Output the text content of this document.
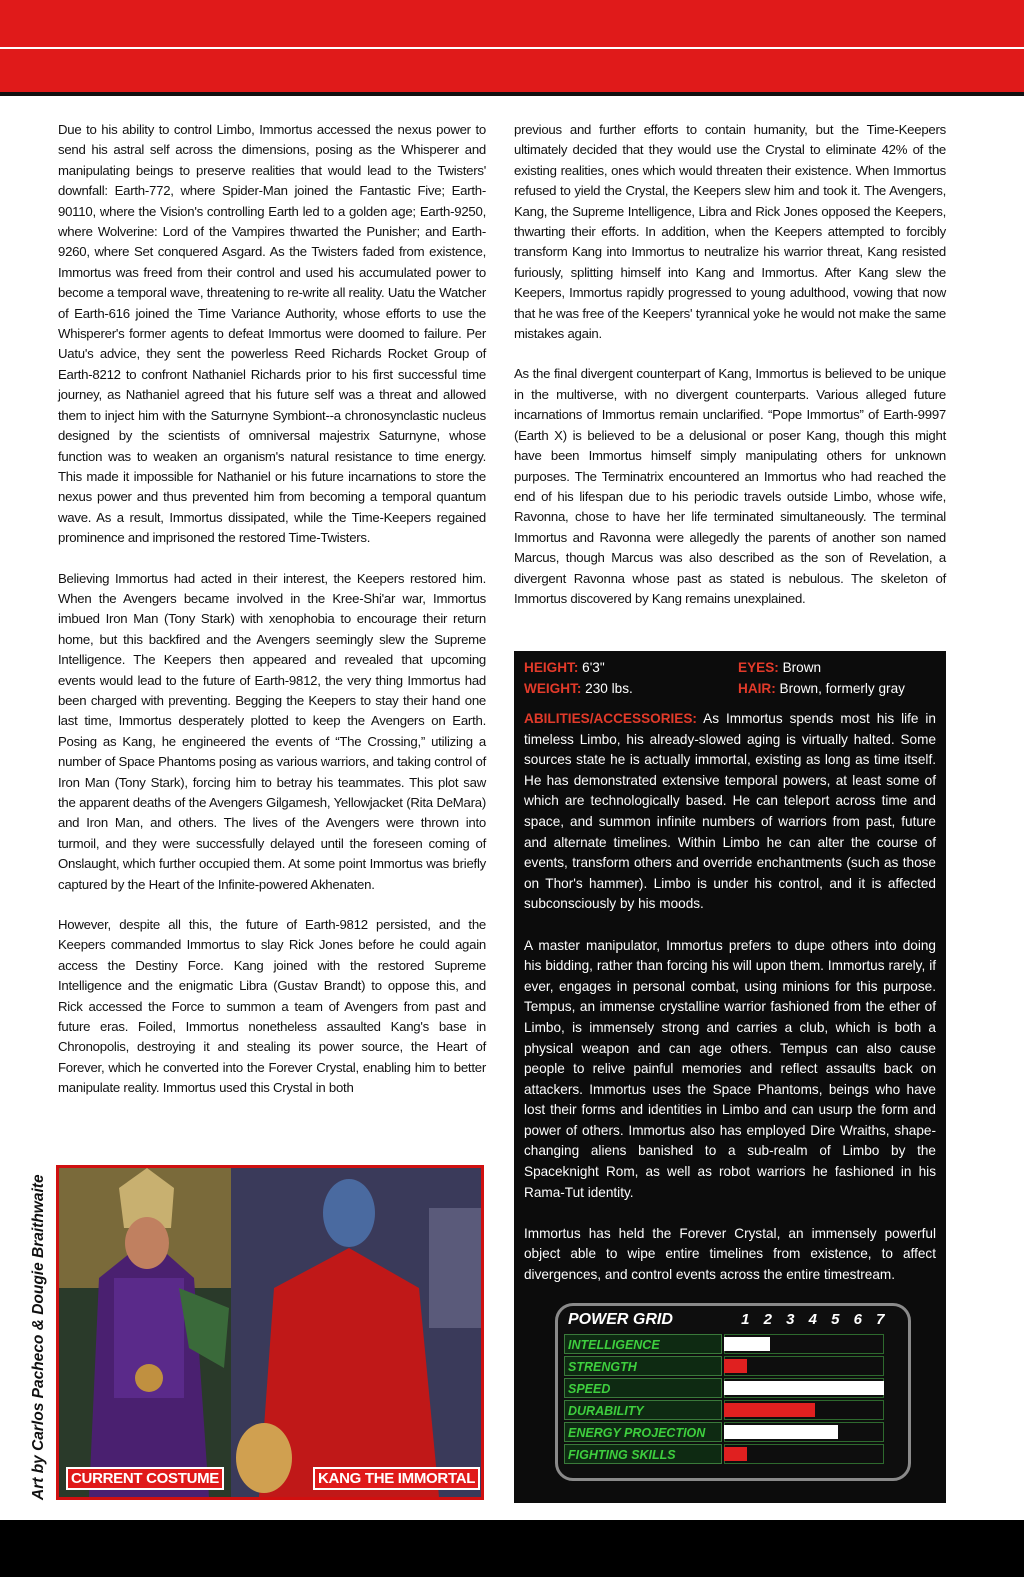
Due to his ability to control Limbo, Immortus accessed the nexus power to send his astral self across the dimensions, posing as the Whisperer and manipulating beings to preserve realities that would lead to the Twisters' downfall: Earth-772, where Spider-Man joined the Fantastic Five; Earth-90110, where the Vision's controlling Earth led to a golden age; Earth-9250, where Wolverine: Lord of the Vampires thwarted the Punisher; and Earth-9260, where Set conquered Asgard. As the Twisters faded from existence, Immortus was freed from their control and used his accumulated power to become a temporal wave, threatening to re-write all reality. Uatu the Watcher of Earth-616 joined the Time Variance Authority, whose efforts to use the Whisperer's former agents to defeat Immortus were doomed to failure. Per Uatu's advice, they sent the powerless Reed Richards Rocket Group of Earth-8212 to confront Nathaniel Richards prior to his first successful time journey, as Nathaniel agreed that his future self was a threat and allowed them to inject him with the Saturnyne Symbiont--a chronosynclastic nucleus designed by the scientists of omniversal majestrix Saturnyne, whose function was to weaken an organism's natural resistance to time energy. This made it impossible for Nathaniel or his future incarnations to store the nexus power and thus prevented him from becoming a temporal quantum wave. As a result, Immortus dissipated, while the Time-Keepers regained prominence and imprisoned the restored Time-Twisters.

Believing Immortus had acted in their interest, the Keepers restored him. When the Avengers became involved in the Kree-Shi'ar war, Immortus imbued Iron Man (Tony Stark) with xenophobia to encourage their return home, but this backfired and the Avengers seemingly slew the Supreme Intelligence. The Keepers then appeared and revealed that upcoming events would lead to the future of Earth-9812, the very thing Immortus had been charged with preventing. Begging the Keepers to stay their hand one last time, Immortus desperately plotted to keep the Avengers on Earth. Posing as Kang, he engineered the events of “The Crossing,” utilizing a number of Space Phantoms posing as various warriors, and taking control of Iron Man (Tony Stark), forcing him to betray his teammates. This plot saw the apparent deaths of the Avengers Gilgamesh, Yellowjacket (Rita DeMara) and Iron Man, and others. The lives of the Avengers were thrown into turmoil, and they were successfully delayed until the foreseen coming of Onslaught, which further occupied them. At some point Immortus was briefly captured by the Heart of the Infinite-powered Akhenaten.

However, despite all this, the future of Earth-9812 persisted, and the Keepers commanded Immortus to slay Rick Jones before he could again access the Destiny Force. Kang joined with the restored Supreme Intelligence and the enigmatic Libra (Gustav Brandt) to oppose this, and Rick accessed the Force to summon a team of Avengers from past and future eras. Foiled, Immortus nonetheless assaulted Kang's base in Chronopolis, destroying it and stealing its power source, the Heart of Forever, which he converted into the Forever Crystal, enabling him to better manipulate reality. Immortus used this Crystal in both

previous and further efforts to contain humanity, but the Time-Keepers ultimately decided that they would use the Crystal to eliminate 42% of the existing realities, ones which would threaten their existence. When Immortus refused to yield the Crystal, the Keepers slew him and took it. The Avengers, Kang, the Supreme Intelligence, Libra and Rick Jones opposed the Keepers, thwarting their efforts. In addition, when the Keepers attempted to forcibly transform Kang into Immortus to neutralize his warrior threat, Kang resisted furiously, splitting himself into Kang and Immortus. After Kang slew the Keepers, Immortus rapidly progressed to young adulthood, vowing that now that he was free of the Keepers' tyrannical yoke he would not make the same mistakes again.

As the final divergent counterpart of Kang, Immortus is believed to be unique in the multiverse, with no divergent counterparts. Various alleged future incarnations of Immortus remain unclarified. “Pope Immortus” of Earth-9997 (Earth X) is believed to be a delusional or poser Kang, though this might have been Immortus himself simply manipulating others for unknown purposes. The Terminatrix encountered an Immortus who had reached the end of his lifespan due to his periodic travels outside Limbo, whose wife, Ravonna, chose to have her life terminated simultaneously. The terminal Immortus and Ravonna were allegedly the parents of another son named Marcus, though Marcus was also described as the son of Revelation, a divergent Ravonna whose past as stated is nebulous. The skeleton of Immortus discovered by Kang remains unexplained.

HEIGHT: 6'3"
WEIGHT: 230 lbs.
EYES: Brown
HAIR: Brown, formerly gray

ABILITIES/ACCESSORIES: As Immortus spends most his life in timeless Limbo, his already-slowed aging is virtually halted. Some sources state he is actually immortal, existing as long as time itself. He has demonstrated extensive temporal powers, at least some of which are technologically based. He can teleport across time and space, and summon infinite numbers of warriors from past, future and alternate timelines. Within Limbo he can alter the course of events, transform others and override enchantments (such as those on Thor's hammer). Limbo is under his control, and it is affected subconsciously by his moods.

A master manipulator, Immortus prefers to dupe others into doing his bidding, rather than forcing his will upon them. Immortus rarely, if ever, engages in personal combat, using minions for this purpose. Tempus, an immense crystalline warrior fashioned from the ether of Limbo, is immensely strong and carries a club, which is both a physical weapon and can age others. Tempus can also cause people to relive painful memories and reflect assaults back on attackers. Immortus uses the Space Phantoms, beings who have lost their forms and identities in Limbo and can usurp the form and power of others. Immortus also has employed Dire Wraiths, shape-changing aliens banished to a sub-realm of Limbo by the Spaceknight Rom, as well as robot warriors he fashioned in his Rama-Tut identity.

Immortus has held the Forever Crystal, an immensely powerful object able to wipe entire timelines from existence, to affect divergences, and control events across the entire timestream.

POWER GRID	1 2 3 4 5 6 7
INTELLIGENCE
STRENGTH
SPEED
DURABILITY
ENERGY PROJECTION
FIGHTING SKILLS
CURRENT COSTUME	KANG THE IMMORTAL
Art by Carlos Pacheco & Dougie Braithwaite
